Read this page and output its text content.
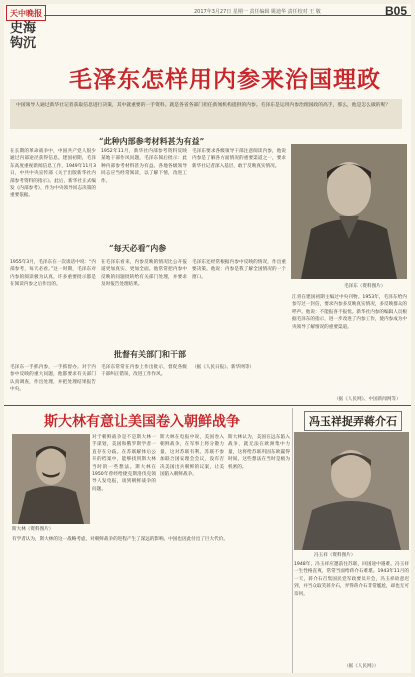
天中晚报
史海钩沉
2017年3月27日 星期一 责任编辑 姚迪华 责任校对 王 敬	B05
毛泽东怎样用内参来治国理政
中国领导人通过新华社记者获取信息进行决策，其中就重要的一手资料。就是各省各部门担任新闻机构提供的内参。毛泽东是运用内参治理国政的高手，那么，他是怎么做的呢？
“此种内部参考材料甚为有益”
在长期的革命战争中，中国共产党人很少通过内部途径获得信息。建国初期，毛泽东高度重视新闻信息工作，1949年11月3日，中共中央宣传部《关于出版新华社内部参考资料的指示》。此后，新华社正式编发《内部参考》，作为中央领导同志决策的重要依据。
1952年11月，新华社内部参考资料反映某地干部作风问题，毛泽东阅后批示：此种内部参考材料甚为有益。各地各级领导同志应当经常阅读，以了解下情，改进工作。
毛泽东要求各级领导干部注意阅读内参，他说内参是了解各方面情况的重要渠道之一，要求新华社记者深入基层，敢于反映真实情况。
毛泽东（资料图片）
“每天必看”内参
1955年3月，毛泽东在一次谈话中说：“内部参考，每天必看。”这一时期，毛泽东对内参的阅读极为认真，许多重要批示都是在阅读内参之后作出的。
在毛泽东看来，内参反映的情况比公开报道更加真实、更加全面。他常常把内参中反映的问题批转给有关部门处理，并要求及时报告处理结果。
毛泽东还经常根据内参中反映的情况，作出重要决策。他说：内参是我了解全国情况的一个窗口。
江青在建国初期主编过中央刊物。1953年，毛泽东给内参写过一封信，要求内参多反映真实情况，多反映群众的呼声。他说：不能报喜不报忧。新华社内参的编辑人员根据毛泽东的指示，进一步改进了内参工作，使内参成为中央领导了解情况的重要渠道。
批督有关部门和干部
毛泽东一手抓内参，一手抓督办。对于内参中反映的重大问题，他都要求有关部门认真调查，作出处理，并把处理结果报告中央。
毛泽东常常在内参上作出批示，督促各级干部纠正错误，改进工作作风。
（据《人民日报》、新华网等）
（据《人民网》、中国新闻网等）
斯大林有意让美国卷入朝鲜战争	冯玉祥捉弄蒋介石
斯大林（资料图片）
对于朝鲜战争是不是斯大林一手谋划，美国和俄罗斯学者一直存在分歧。在苏联解体后公开的档案中，能够找到斯大林当时的一些想法。斯大林在1950年曾经给捷克斯洛伐克领导人发电报，谈到朝鲜战争的问题。
斯大林在电报中说，美国卷入朝鲜战争，在军事上将分散力量，这对苏联有利。苏联不参加联合国安理会会议，没有否决美国出兵朝鲜的议案，让美国陷入朝鲜战争。
斯大林认为，美国在远东陷入战争，就无法在欧洲集中力量，这将给苏联巩固东欧赢得时间。这些想法在当时是极为机密的。
有学者认为，斯大林的这一战略考虑，对朝鲜战争的进程产生了深远的影响。中国也因此付出了巨大代价。
冯玉祥（资料图片）
1948年，冯玉祥应邀前往苏联，回国途中遇难。冯玉祥一生性格直爽，常常当面给蒋介石难堪。1943年11月的一天，蒋介石召集国民党军政要员开会，冯玉祥故意迟到，并当众取笑蒋介石，弄得蒋介石非常尴尬，却也无可奈何。
（据《人民网》）
